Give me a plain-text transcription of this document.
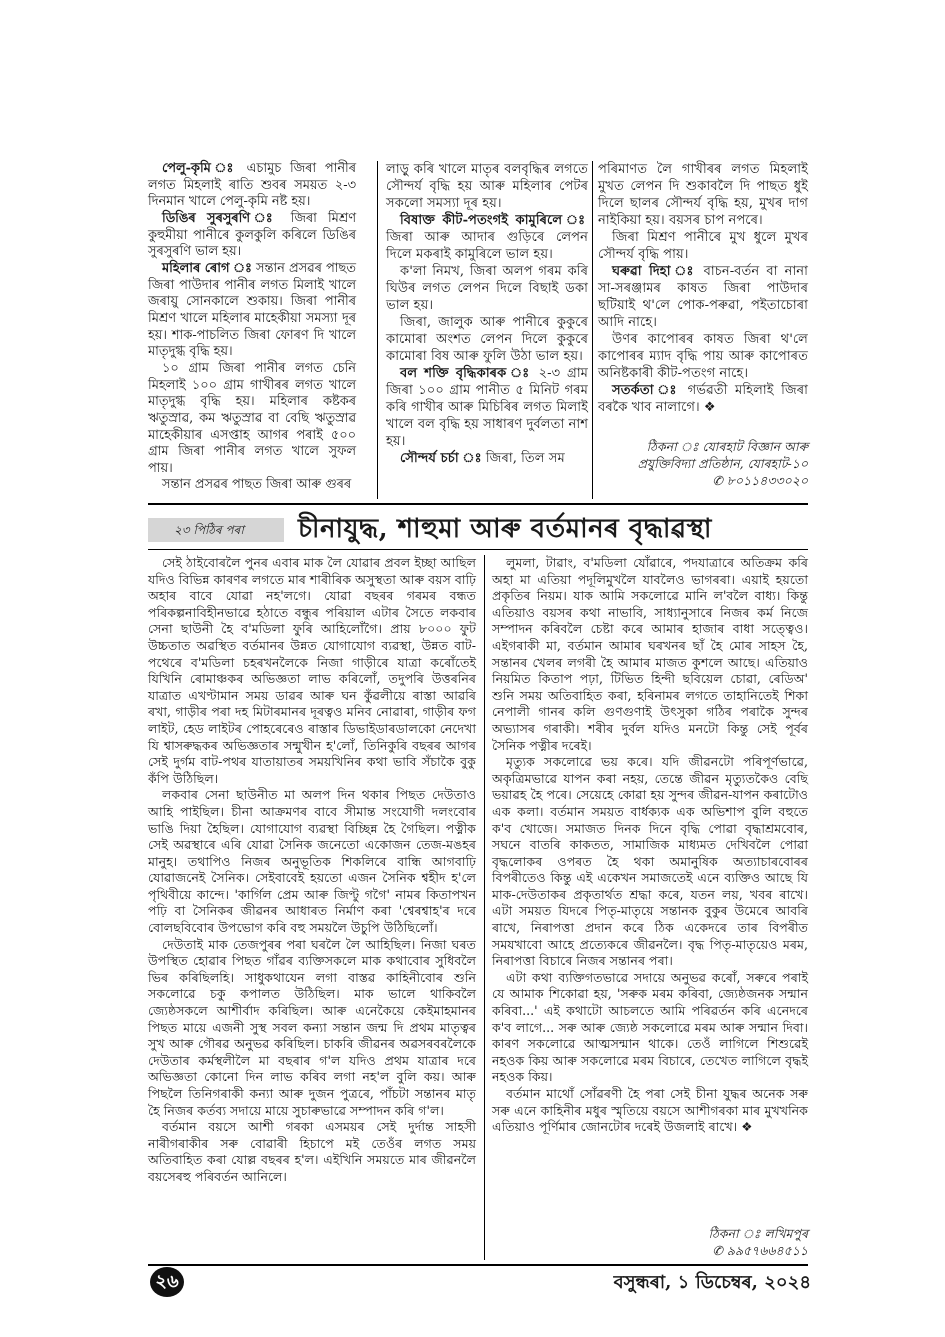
পেলু-কৃমি ঃ এচামুচ জিৰা পানীৰ লগত মিহলাই ৰাতি শুবৰ সময়ত ২-৩ দিনমান খালে পেলু-কৃমি নষ্ট হয়।

ডিঙিৰ সুৰসুৰণি ঃ জিৰা মিশ্ৰণ কুহুমীয়া পানীৰে কুলকুলি কৰিলে ডিঙিৰ সুৰসুৰণি ভাল হয়।

মহিলাৰ ৰোগ ঃ সন্তান প্ৰসৱৰ পাছত জিৰা পাউদাৰ পানীৰ লগত মিলাই খালে জৰায়ু সোনকালে শুকায়। জিৰা পানীৰ মিশ্ৰণ খালে মহিলাৰ মাহেকীয়া সমস্যা দূৰ হয়। শাক-পাচলিত জিৰা ফোৰণ দি খালে মাতৃদুগ্ধ বৃদ্ধি হয়।

১০ গ্ৰাম জিৰা পানীৰ লগত চেনি মিহলাই ১০০ গ্ৰাম গাখীৰৰ লগত খালে মাতৃদুগ্ধ বৃদ্ধি হয়। মহিলাৰ কষ্টকৰ ঋতুস্ৰাৱ, কম ঋতুস্ৰাৱ বা বেছি ঋতুস্ৰাৱ মাহেকীয়াৰ এসপ্তাহ আগৰ পৰাই ৫০০ গ্ৰাম জিৰা পানীৰ লগত খালে সুফল পায়।

সন্তান প্ৰসৱৰ পাছত জিৰা আৰু গুৰৰ

লাড়ু কৰি খালে মাতৃৰ বলবৃদ্ধিৰ লগতে সৌন্দৰ্য বৃদ্ধি হয় আৰু মহিলাৰ পেটৰ সকলো সমস্যা দূৰ হয়।

বিষাক্ত কীট-পতংগই কামুৰিলে ঃ জিৰা আৰু আদাৰ গুড়িৰে লেপন দিলে মকৰাই কামুৰিলে ভাল হয়।

ক'লা নিমখ, জিৰা অলপ গৰম কৰি ঘিউৰ লগত লেপন দিলে বিছাই ডকা ভাল হয়।

জিৰা, জালুক আৰু পানীৰে কুকুৰে কামোৰা অংশত লেপন দিলে কুকুৰে কামোৰা বিষ আৰু ফুলি উঠা ভাল হয়।

বল শক্তি বৃদ্ধিকাৰক ঃ ২-৩ গ্ৰাম জিৰা ১০০ গ্ৰাম পানীত ৫ মিনিট গৰম কৰি গাখীৰ আৰু মিচিৰিৰ লগত মিলাই খালে বল বৃদ্ধি হয় সাধাৰণ দুৰ্বলতা নাশ হয়।

সৌন্দৰ্য চৰ্চা ঃ জিৰা, তিল সম

পৰিমাণত লৈ গাখীৰৰ লগত মিহলাই মুখত লেপন দি শুকাবলৈ দি পাছত ধুই দিলে ছালৰ সৌন্দৰ্য বৃদ্ধি হয়, মুখৰ দাগ নাইকিয়া হয়। বয়সৰ চাপ নপৰে।

জিৰা মিশ্ৰণ পানীৰে মুখ ধুলে মুখৰ সৌন্দৰ্য বৃদ্ধি পায়।

ঘৰুৱা দিহা ঃ বাচন-বৰ্তন বা নানা সা-সৰঞ্জামৰ কাষত জিৰা পাউদাৰ ছটিয়াই থ'লে পোক-পৰুৱা, পইতাচোৰা আদি নাহে।

উণৰ কাপোৰৰ কাষত জিৰা থ'লে কাপোৰৰ ম্যাদ বৃদ্ধি পায় আৰু কাপোৰত অনিষ্টকাৰী কীট-পতংগ নাহে।

সতৰ্কতা ঃ গৰ্ভৱতী মহিলাই জিৰা বৰকৈ খাব নালাগে। ❖

ঠিকনা ঃ যোৰহাট বিজ্ঞান আৰু

প্ৰযুক্তিবিদ্যা প্ৰতিষ্ঠান, যোৰহাট-১০

✆ ৮০১১৪৩৩০২০

২৩ পিঠিৰ পৰা	চীনাযুদ্ধ, শাহুমা আৰু বৰ্তমানৰ বৃদ্ধাৱস্থা

সেই ঠাইবোৰলৈ পুনৰ এবাৰ মাক লৈ যোৱাৰ প্ৰবল ইচ্ছা আছিল যদিও বিভিন্ন কাৰণৰ লগতে মাৰ শাৰীৰিক অসুস্থতা আৰু বয়স বাঢ়ি অহাৰ বাবে যোৱা নহ'লগে। যোৱা বছৰৰ গৰমৰ বন্ধত পৰিকল্পনাবিহীনভাৱে হঠাতে বন্ধুৰ পৰিয়াল এটাৰ সৈতে লকবাৰ সেনা ছাউনী হৈ ব'মডিলা ফুৰি আহিলোঁগৈ। প্ৰায় ৮০০০ ফুট উচ্চতাত অৱস্থিত বৰ্তমানৰ উন্নত যোগাযোগ ব্যৱস্থা, উন্নত বাট-পথেৰে ব'মডিলা চহৰখনলৈকে নিজা গাড়ীৰে যাত্ৰা কৰোঁতেই যিখিনি ৰোমাঞ্চকৰ অভিজ্ঞতা লাভ কৰিলোঁ, তদুপৰি উত্তৰনিৰ যাত্ৰাত এখণ্টামান সময় ডাৱৰ আৰু ঘন কুঁৱলীয়ে ৰাস্তা আৱৰি ৰখা, গাড়ীৰ পৰা দহ মিটাৰমানৰ দূৰত্বও মনিব নোৱাৰা, গাড়ীৰ ফগ লাইট, হেড লাইটৰ পোহৰেৰেও ৰাস্তাৰ ডিভাইডাৰডালকো নেদেখা যি শ্বাসৰুদ্ধকৰ অভিজ্ঞতাৰ সন্মুখীন হ'লোঁ, তিনিকুৰি বছৰৰ আগৰ সেই দুৰ্গম বাট-পথৰ যাতায়াতৰ সময়খিনিৰ কথা ভাবি সঁচাকৈ বুকু কঁপি উঠিছিল।

লকবাৰ সেনা ছাউনীত মা অলপ দিন থকাৰ পিছত দেউতাও আহি পাইছিল। চীনা আক্ৰমণৰ বাবে সীমান্ত সংযোগী দলংবোৰ ভাঙি দিয়া হৈছিল। যোগাযোগ ব্যৱস্থা বিচ্ছিন্ন হৈ গৈছিল। পত্নীক সেই অৱস্থাৰে এৰি যোৱা সৈনিক জনেতো একোজন তেজ-মঙহৰ মানুহ। তথাপিও নিজৰ অনুভূতিক শিকলিৰে বান্ধি আগবাঢ়ি যোৱাজনেই সৈনিক। সেইবাবেই হয়তো এজন সৈনিক শ্বহীদ হ'লে পৃথিবীয়ে কান্দে। 'কাৰ্গিল প্ৰেম আৰু জিণ্টু গগৈ' নামৰ কিতাপখন পঢ়ি বা সৈনিকৰ জীৱনৰ আধাৰত নিৰ্মাণ কৰা 'শ্বেৰশ্বাহ'ৰ দৰে বোলছবিবোৰ উপভোগ কৰি বহু সময়লৈ উচুপি উঠিছিলোঁ।

দেউতাই মাক তেজপুৰৰ পৰা ঘৰলৈ লৈ আহিছিল। নিজা ঘৰত উপস্থিত হোৱাৰ পিছত গাঁৱৰ ব্যক্তিসকলে মাক কথাবোৰ সুধিবলৈ ভিৰ কৰিছিলহি। সাধুকথাযেন লগা বাস্তৱ কাহিনীবোৰ শুনি সকলোৱে চকু কপালত উঠিছিল। মাক ভালে থাকিবলৈ জ্যেষ্ঠসকলে আশীৰ্বাদ কৰিছিল। আৰু এনেকৈয়ে কেইমাহমানৰ পিছত মায়ে এজনী সুস্থ সবল কন্যা সন্তান জন্ম দি প্ৰথম মাতৃত্বৰ সুখ আৰু গৌৰৱ অনুভৱ কৰিছিল। চাকৰি জীৱনৰ অৱসৰবৰলৈকে দেউতাৰ কৰ্মস্থলীলৈ মা বছৰাৰ গ'ল যদিও প্ৰথম যাত্ৰাৰ দৰে অভিজ্ঞতা কোনো দিন লাভ কৰিব লগা নহ'ল বুলি কয়। আৰু পিছলৈ তিনিগৰাকী কন্যা আৰু দুজন পুত্ৰৰে, পাঁচটা সন্তানৰ মাতৃ হৈ নিজৰ কৰ্তব্য সদায়ে মায়ে সুচাৰুভাৱে সম্পাদন কৰি গ'ল।

বৰ্তমান বয়সে আশী গৰকা এসময়ৰ সেই দুৰ্দান্ত সাহসী নাৰীগৰাকীৰ সৰু বোৱাৰী হিচাপে মই তেওঁৰ লগত সময় অতিবাহিত কৰা যোল্ল বছৰৰ হ'ল। এইখিনি সময়তে মাৰ জীৱনলৈ বয়সেৰহু পৰিবৰ্তন আনিলে।

লুমলা, টাৱাং, ব'মডিলা যোঁৱাৰে, পদযাত্ৰাৰে অতিক্ৰম কৰি অহা মা এতিয়া পদূলিমুখলৈ যাবলৈও ভাগৰৰা। এয়াই হয়তো প্ৰকৃতিৰ নিয়ম। যাক আমি সকলোৱে মানি ল'বলৈ বাধ্য। কিন্তু এতিয়াও বয়সৰ কথা নাভাবি, সাধ্যানুসাৰে নিজৰ কৰ্ম নিজে সম্পাদন কৰিবলৈ চেষ্টা কৰে আমাৰ হাজাৰ বাধা সত্ত্বেও। এইগৰাকী মা, বৰ্তমান আমাৰ ঘৰখনৰ ছাঁ হৈ মোৰ সাহস হৈ, সন্তানৰ খেলৰ লগৰী হৈ আমাৰ মাজত কুশলে আছে। এতিয়াও নিয়মিত কিতাপ পঢ়া, টিভিত হিন্দী ছবিয়েল চোৱা, ৰেডিঅ' শুনি সময় অতিবাহিত কৰা, হৰিনামৰ লগতে তাহানিতেই শিকা নেপালী গানৰ কলি গুণগুণাই উৎসুকা গঠিৰ পৰাকৈ সুন্দৰ অভ্যাসৰ গৰাকী। শৰীৰ দুৰ্বল যদিও মনটো কিন্তু সেই পূৰ্বৰ সৈনিক পত্নীৰ দৰেই।

মৃত্যুক সকলোৱে ভয় কৰে। যদি জীৱনটো পৰিপূৰ্ণভাৱে, অকৃত্ৰিমভাৱে যাপন কৰা নহয়, তেন্তে জীৱন মৃত্যুতকৈও বেছি ভয়াৱহ হৈ পৰে। সেয়েহে কোৱা হয় সুন্দৰ জীৱন-যাপন কৰাটোও এক কলা। বৰ্তমান সময়ত বাৰ্ধক্যক এক অভিশাপ বুলি বহুতে ক'ব খোজে। সমাজত দিনক দিনে বৃদ্ধি পোৱা বৃদ্ধাশ্ৰমবোৰ, সঘনে বাতৰি কাকতত, সামাজিক মাধ্যমত দেখিবলৈ পোৱা বৃদ্ধলোকৰ ওপৰত হৈ থকা অমানুষিক অত্যাচাৰবোৰৰ বিপৰীতেও কিন্তু এই একেখন সমাজতেই এনে ব্যক্তিও আছে যি মাক-দেউতাকৰ প্ৰকৃতাৰ্থত শ্ৰদ্ধা কৰে, যতন লয়, খবৰ ৰাখে। এটা সময়ত যিদৰে পিতৃ-মাতৃয়ে সন্তানক বুকুৰ উমেৰে আবৰি ৰাখে, নিৰাপত্তা প্ৰদান কৰে ঠিক একেদৰে তাৰ বিপৰীত সমযখাবো আহে প্ৰত্যেকৰে জীৱনলৈ। বৃদ্ধ পিতৃ-মাতৃয়েও মৰম, নিৰাপত্তা বিচাৰে নিজৰ সন্তানৰ পৰা।

এটা কথা ব্যক্তিগতভাৱে সদায়ে অনুভৱ কৰোঁ, সৰুৰে পৰাই যে আমাক শিকোৱা হয়, 'সৰুক মৰম কৰিবা, জ্যেষ্ঠজনক সন্মান কৰিবা...' এই কথাটো আচলতে আমি পৰিৱৰ্তন কৰি এনেদৰে ক'ব লাগে... সৰু আৰু জ্যেষ্ঠ সকলোৱে মৰম আৰু সন্মান দিবা। কাৰণ সকলোৱে আত্মসন্মান থাকে। তেওঁ লাগিলে শিশুৱেই নহওক কিয় আৰু সকলোৱে মৰম বিচাৰে, তেখেত লাগিলে বৃদ্ধই নহওক কিয়।

বৰ্তমান মাথোঁ সোঁৱৰণী হৈ পৰা সেই চীনা যুদ্ধৰ অনেক সৰু সৰু এনে কাহিনীৰ মধুৰ স্মৃতিয়ে বয়সে আশীগৰকা মাৰ মুখখনিক এতিয়াও পূৰ্ণিমাৰ জোনটোৰ দৰেই উজলাই ৰাখে। ❖

ঠিকনা ঃ লখিমপুৰ

✆ ৯৯৫৭৬৬৪৫১১

২৬	বসুন্ধৰা, ১ ডিচেম্বৰ, ২০২৪
